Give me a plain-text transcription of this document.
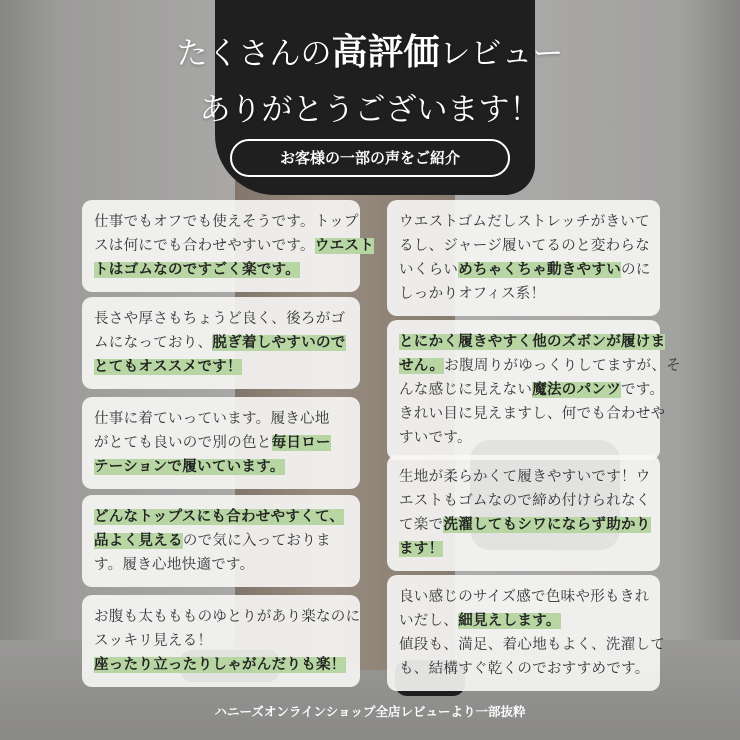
たくさんの高評価レビュー
ありがとうございます！
お客様の一部の声をご紹介
仕事でもオフでも使えそうです。トップ
スは何にでも合わせやすいです。ウエスト
トはゴムなのですごく楽です。
長さや厚さもちょうど良く、後ろがゴ
ムになっており、脱ぎ着しやすいので
とてもオススメです！
仕事に着ていっています。履き心地
がとても良いので別の色と毎日ロー
テーションで履いています。
どんなトップスにも合わせやすくて、
品よく見えるので気に入っておりま
す。履き心地快適です。
お腹も太ももものゆとりがあり楽なのに
スッキリ見える！
座ったり立ったりしゃがんだりも楽！
ウエストゴムだしストレッチがきいて
るし、ジャージ履いてるのと変わらな
いくらいめちゃくちゃ動きやすいのに
しっかりオフィス系！
とにかく履きやすく他のズボンが履けま
せん。お腹周りがゆっくりしてますが、そ
んな感じに見えない魔法のパンツです。
きれい目に見えますし、何でも合わせや
すいです。
生地が柔らかくて履きやすいです！ウ
エストもゴムなので締め付けられなく
て楽で洗濯してもシワにならず助かり
ます！
良い感じのサイズ感で色味や形もきれ
いだし、細見えします。
値段も、満足、着心地もよく、洗濯して
も、結構すぐ乾くのでおすすめです。
ハニーズオンラインショップ全店レビューより一部抜粋
